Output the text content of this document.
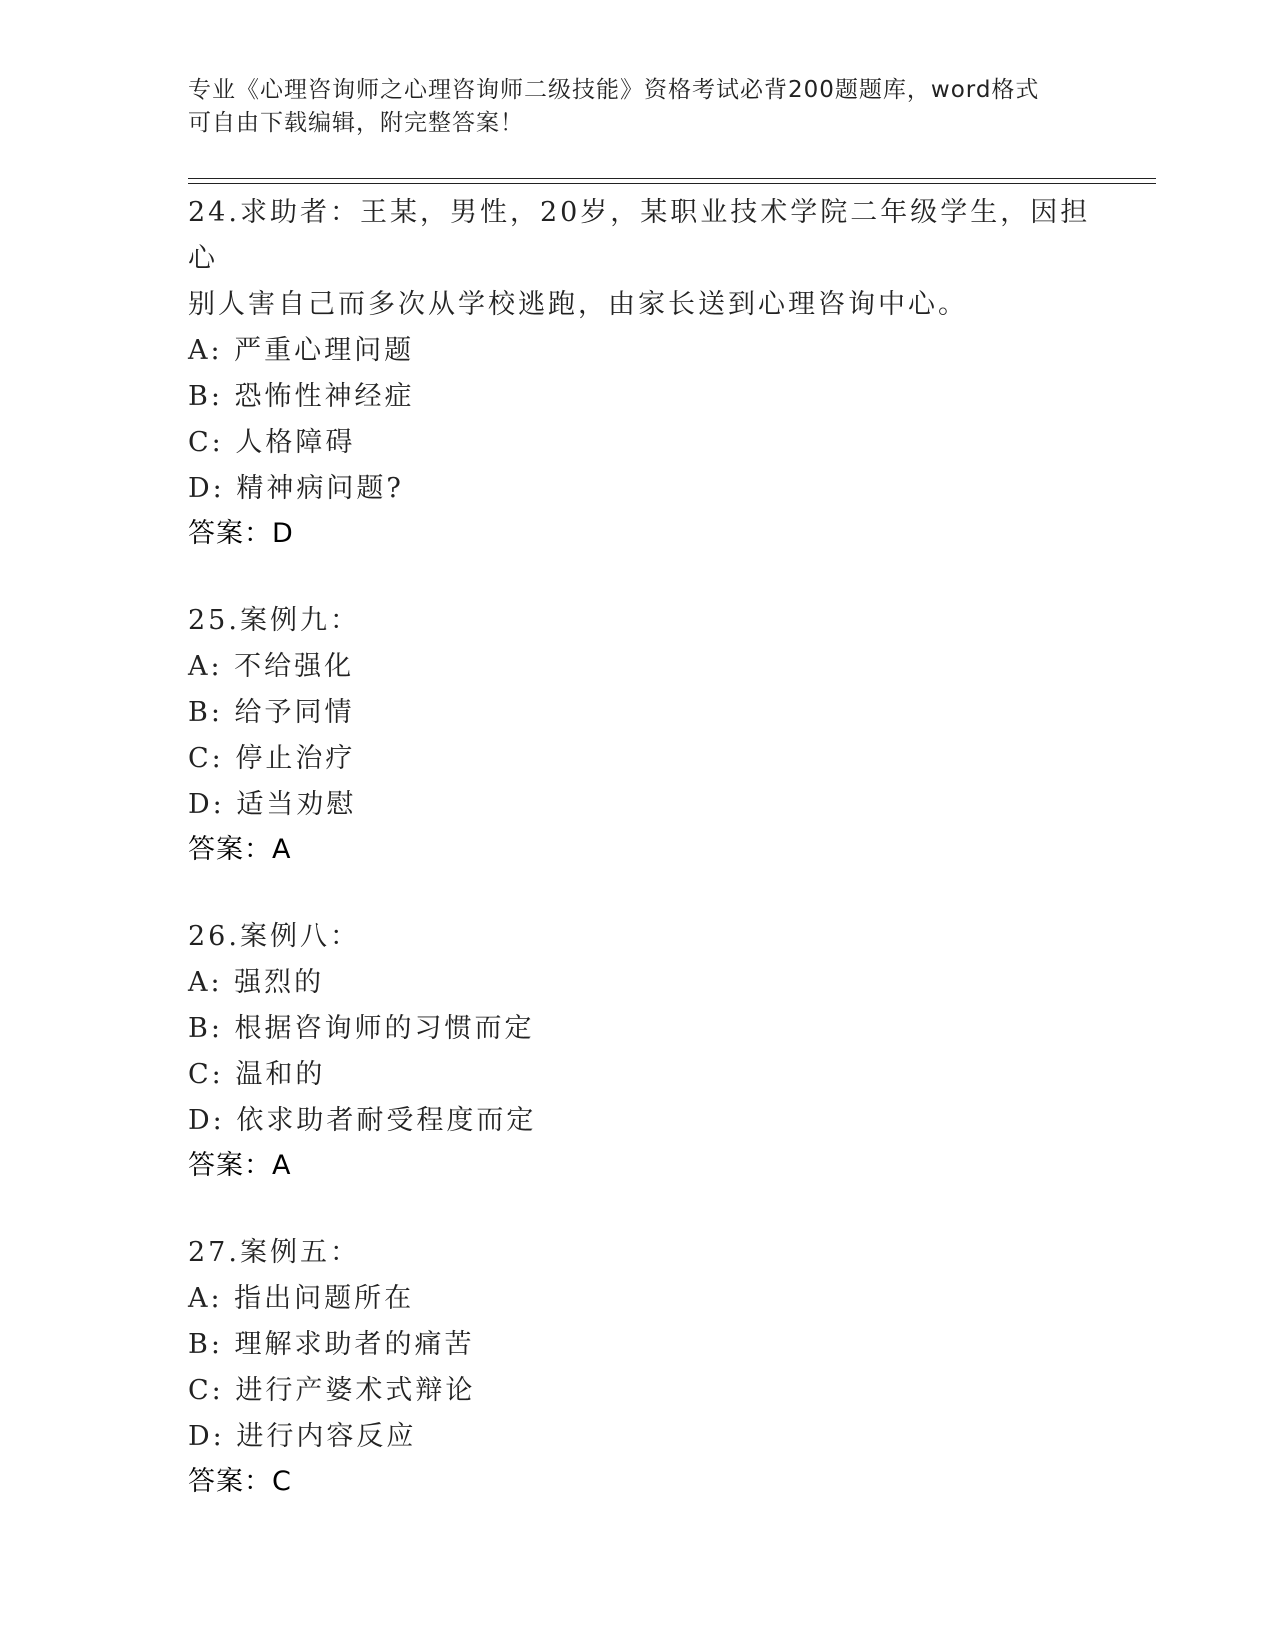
专业《心理咨询师之心理咨询师二级技能》资格考试必背200题题库，word格式
可自由下载编辑，附完整答案！
24.求助者：王某，男性，20岁，某职业技术学院二年级学生，因担心
别人害自己而多次从学校逃跑，由家长送到心理咨询中心。
A: 严重心理问题
B: 恐怖性神经症
C: 人格障碍
D: 精神病问题?
答案：D
25.案例九：
A: 不给强化
B: 给予同情
C: 停止治疗
D: 适当劝慰
答案：A
26.案例八：
A: 强烈的
B: 根据咨询师的习惯而定
C: 温和的
D: 依求助者耐受程度而定
答案：A
27.案例五：
A: 指出问题所在
B: 理解求助者的痛苦
C: 进行产婆术式辩论
D: 进行内容反应
答案：C
